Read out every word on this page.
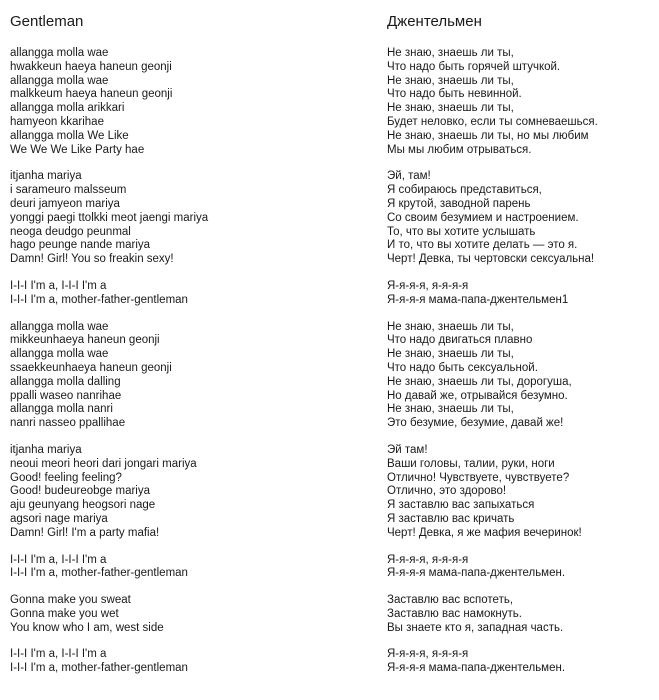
Gentleman
allangga molla wae
hwakkeun haeya haneun geonji
allangga molla wae
malkkeum haeya haneun geonji
allangga molla arikkari
hamyeon kkarihae
allangga molla We Like
We We We Like Party hae
itjanha mariya
i sarameuro malsseum
deuri jamyeon mariya
yonggi paegi ttolkki meot jaengi mariya
neoga deudgo peunmal
hago peunge nande mariya
Damn! Girl! You so freakin sexy!
I-I-I I'm a, I-I-I I'm a
I-I-I I'm a, mother-father-gentleman
allangga molla wae
mikkeunhaeya haneun geonji
allangga molla wae
ssaekkeunhaeya haneun geonji
allangga molla dalling
ppalli waseo nanrihae
allangga molla nanri
nanri nasseo ppallihae
itjanha mariya
neoui meori heori dari jongari mariya
Good! feeling feeling?
Good! budeureobge mariya
aju geunyang heogsori nage
agsori nage mariya
Damn! Girl! I'm a party mafia!
I-I-I I'm a, I-I-I I'm a
I-I-I I'm a, mother-father-gentleman
Gonna make you sweat
Gonna make you wet
You know who I am, west side
I-I-I I'm a, I-I-I I'm a
I-I-I I'm a, mother-father-gentleman
Джентельмен
Не знаю, знаешь ли ты,
Что надо быть горячей штучкой.
Не знаю, знаешь ли ты,
Что надо быть невинной.
Не знаю, знаешь ли ты,
Будет неловко, если ты сомневаешься.
Не знаю, знаешь ли ты, но мы любим
Мы мы любим отрываться.
Эй, там!
Я собираюсь представиться,
Я крутой, заводной парень
Со своим безумием и настроением.
То, что вы хотите услышать
И то, что вы хотите делать — это я.
Черт! Девка, ты чертовски сексуальна!
Я-я-я-я, я-я-я-я
Я-я-я-я мама-папа-джентельмен1
Не знаю, знаешь ли ты,
Что надо двигаться плавно
Не знаю, знаешь ли ты,
Что надо быть сексуальной.
Не знаю, знаешь ли ты, дорогуша,
Но давай же, отрывайся безумно.
Не знаю, знаешь ли ты,
Это безумие, безумие, давай же!
Эй там!
Ваши головы, талии, руки, ноги
Отлично! Чувствуете, чувствуете?
Отлично, это здорово!
Я заставлю вас запыхаться
Я заставлю вас кричать
Черт! Девка, я же мафия вечеринок!
Я-я-я-я, я-я-я-я
Я-я-я-я мама-папа-джентельмен.
Заставлю вас вспотеть,
Заставлю вас намокнуть.
Вы знаете кто я, западная часть.
Я-я-я-я, я-я-я-я
Я-я-я-я мама-папа-джентельмен.
